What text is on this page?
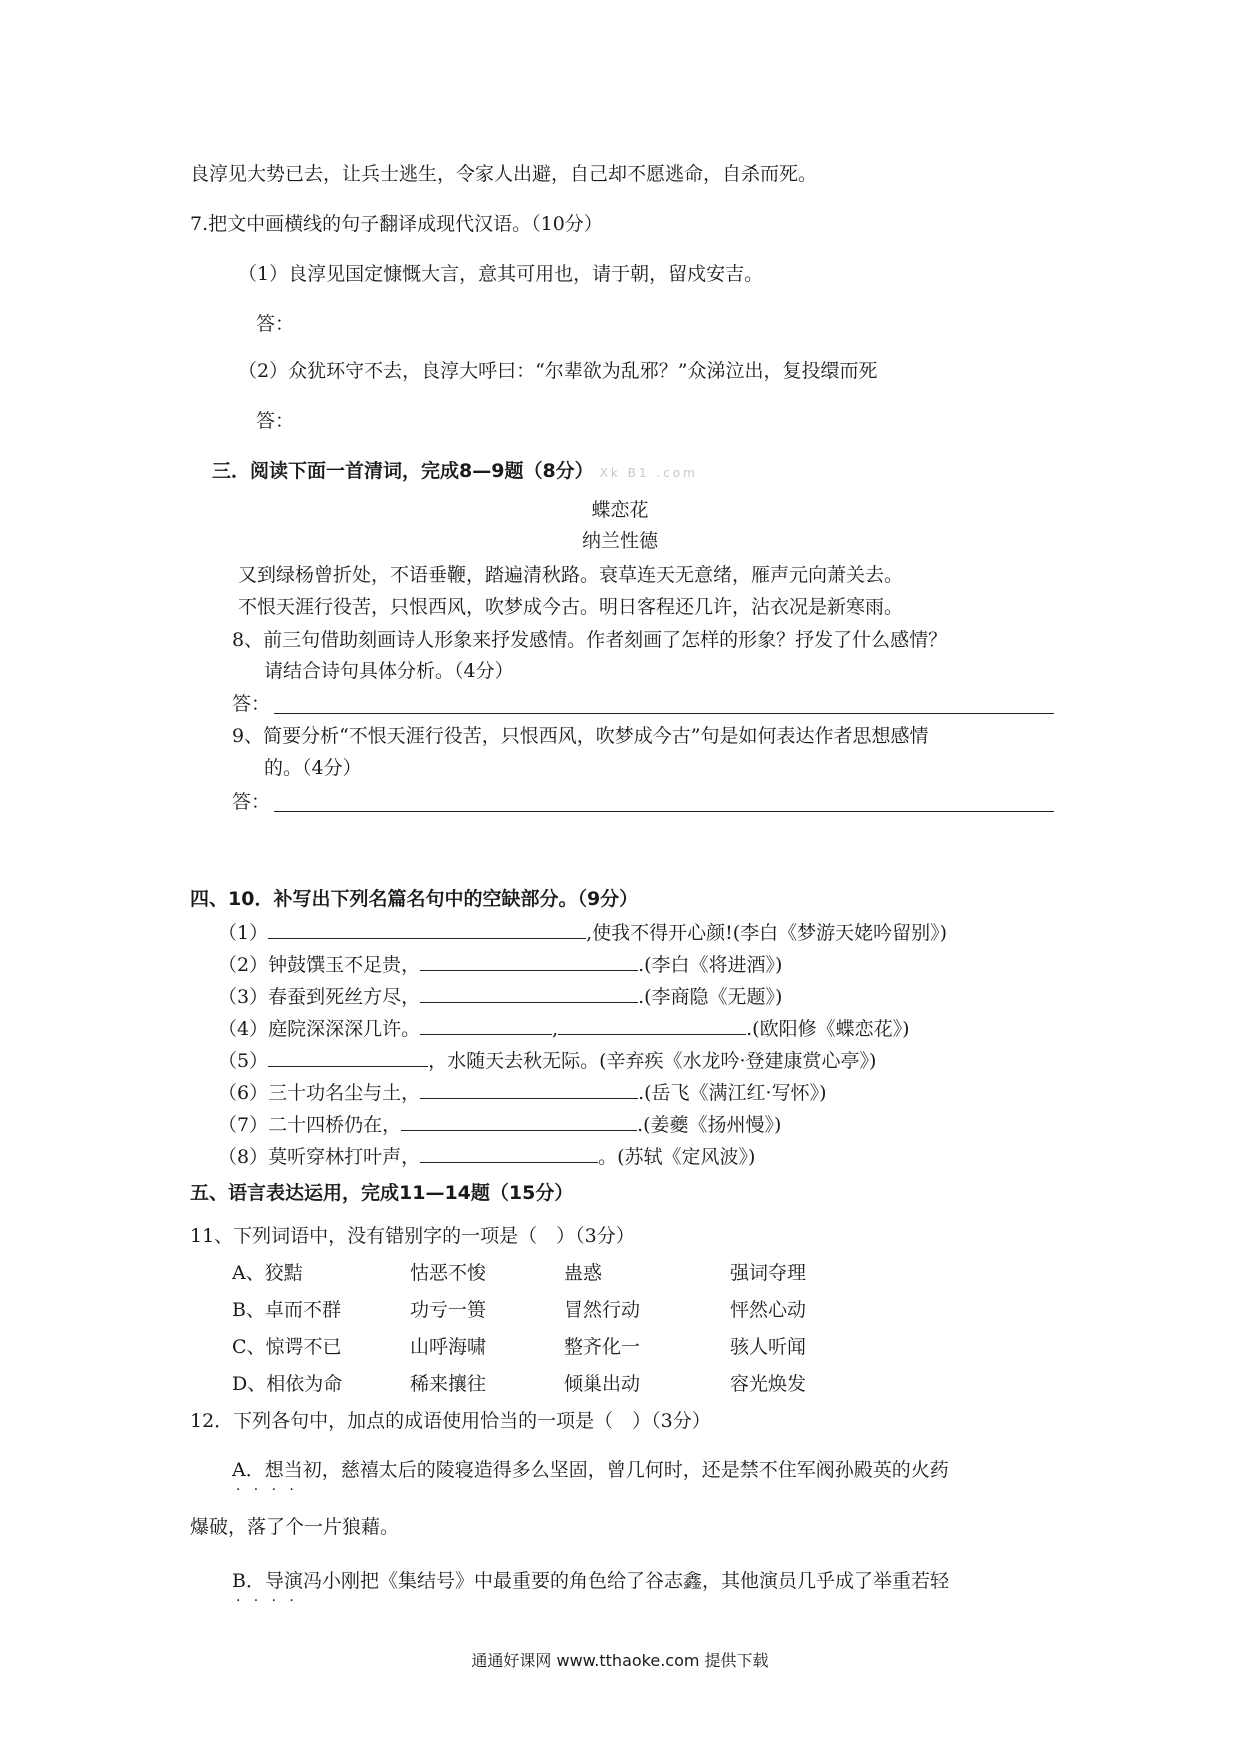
良淳见大势已去，让兵士逃生，令家人出避，自己却不愿逃命，自杀而死。
7.把文中画横线的句子翻译成现代汉语。（10分）
（1）良淳见国定慷慨大言，意其可用也，请于朝，留戍安吉。
答：
（2）众犹环守不去，良淳大呼曰：“尔辈欲为乱邪？”众涕泣出，复投缳而死
答：
三．阅读下面一首清词，完成8—9题（8分） Xk B1 .com
蝶恋花
纳兰性德
又到绿杨曾折处，不语垂鞭，踏遍清秋路。衰草连天无意绪，雁声元向萧关去。
不恨天涯行役苦，只恨西风，吹梦成今古。明日客程还几许，沾衣况是新寒雨。
8、前三句借助刻画诗人形象来抒发感情。作者刻画了怎样的形象？抒发了什么感情？
请结合诗句具体分析。（4分）
答：
9、简要分析“不恨天涯行役苦，只恨西风，吹梦成今古”句是如何表达作者思想感情
的。（4分）
答：
四、10．补写出下列名篇名句中的空缺部分。（9分）
（1）	,使我不得开心颜!(李白《梦游天姥吟留别》)
（2）钟鼓馔玉不足贵，	.(李白《将进酒》)
（3）春蚕到死丝方尽，	.(李商隐《无题》)
（4）庭院深深深几许。	,	.(欧阳修《蝶恋花》)
（5）	，水随天去秋无际。(辛弃疾《水龙吟·登建康赏心亭》)
（6）三十功名尘与土，	.(岳飞《满江红·写怀》)
（7）二十四桥仍在，	.(姜夔《扬州慢》)
（8）莫听穿林打叶声，	。(苏轼《定风波》)
五、语言表达运用，完成11—14题（15分）
11、下列词语中，没有错别字的一项是（　）（3分）
A、狡黠	怙恶不悛	蛊惑	强词夺理
B、卓而不群	功亏一篑	冒然行动	怦然心动
C、惊谔不已	山呼海啸	整齐化一	骇人听闻
D、相依为命	稀来攘往	倾巢出动	容光焕发
12．下列各句中，加点的成语使用恰当的一项是（　）（3分）
A．想当初，慈禧太后的陵寝造得多么坚固，曾几何时 · ·，还是禁不住军阀孙殿英的火药
爆破，落了个一片狼藉。
B．导演冯小刚把《集结号》中最重要的角色给了谷志鑫，其他演员几乎成了举重若轻 · ·
通通好课网 www.tthaoke.com 提供下载
